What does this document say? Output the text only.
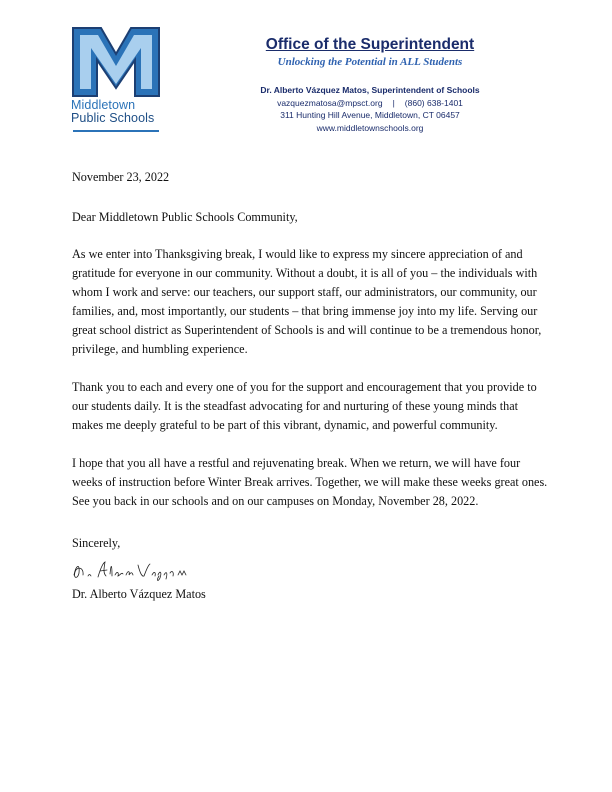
Middletown
Public Schools
Office of the Superintendent
Unlocking the Potential in ALL Students
Dr. Alberto Vázquez Matos, Superintendent of Schools
vazquezmatosa@mpsct.org | (860) 638-1401
311 Hunting Hill Avenue, Middletown, CT 06457
www.middletownschools.org

November 23, 2022

Dear Middletown Public Schools Community,

As we enter into Thanksgiving break, I would like to express my sincere appreciation of and gratitude for everyone in our community. Without a doubt, it is all of you – the individuals with whom I work and serve: our teachers, our support staff, our administrators, our community, our families, and, most importantly, our students – that bring immense joy into my life. Serving our great school district as Superintendent of Schools is and will continue to be a tremendous honor, privilege, and humbling experience.

Thank you to each and every one of you for the support and encouragement that you provide to our students daily. It is the steadfast advocating for and nurturing of these young minds that makes me deeply grateful to be part of this vibrant, dynamic, and powerful community.

I hope that you all have a restful and rejuvenating break. When we return, we will have four weeks of instruction before Winter Break arrives. Together, we will make these weeks great ones. See you back in our schools and on our campuses on Monday, November 28, 2022.

Sincerely,

Dr. Alberto Vázquez Matos
